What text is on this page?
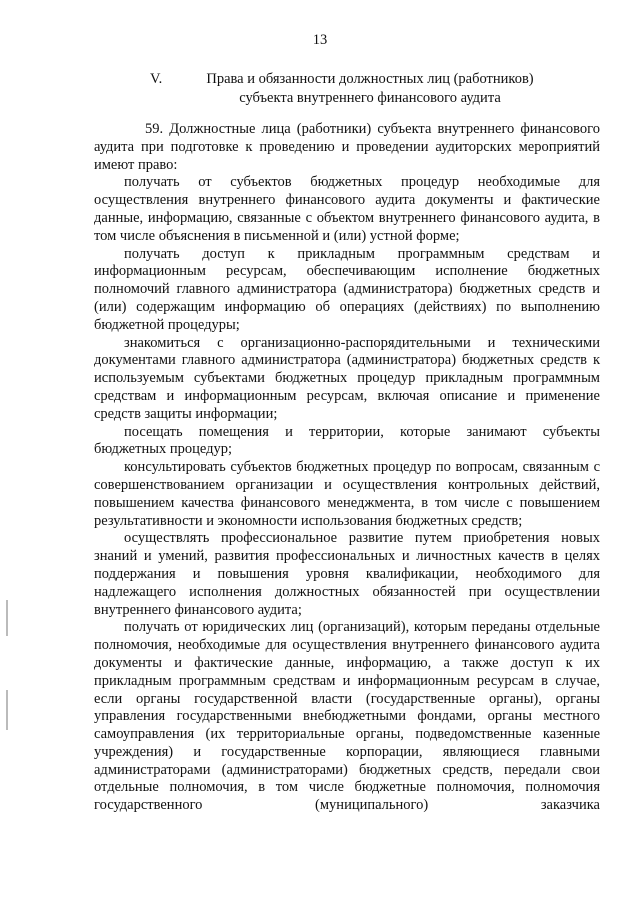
13
V.	Права и обязанности должностных лиц (работников)
субъекта внутреннего финансового аудита

59. Должностные лица (работники) субъекта внутреннего финансового аудита при подготовке к проведению и проведении аудиторских мероприятий имеют право:

получать от субъектов бюджетных процедур необходимые для осуществления внутреннего финансового аудита документы и фактические данные, информацию, связанные с объектом внутреннего финансового аудита, в том числе объяснения в письменной и (или) устной форме;

получать доступ к прикладным программным средствам и информационным ресурсам, обеспечивающим исполнение бюджетных полномочий главного администратора (администратора) бюджетных средств и (или) содержащим информацию об операциях (действиях) по выполнению бюджетной процедуры;

знакомиться с организационно-распорядительными и техническими документами главного администратора (администратора) бюджетных средств к используемым субъектами бюджетных процедур прикладным программным средствам и информационным ресурсам, включая описание и применение средств защиты информации;

посещать помещения и территории, которые занимают субъекты бюджетных процедур;

консультировать субъектов бюджетных процедур по вопросам, связанным с совершенствованием организации и осуществления контрольных действий, повышением качества финансового менеджмента, в том числе с повышением результативности и экономности использования бюджетных средств;

осуществлять профессиональное развитие путем приобретения новых знаний и умений, развития профессиональных и личностных качеств в целях поддержания и повышения уровня квалификации, необходимого для надлежащего исполнения должностных обязанностей при осуществлении внутреннего финансового аудита;

получать от юридических лиц (организаций), которым переданы отдельные полномочия, необходимые для осуществления внутреннего финансового аудита документы и фактические данные, информацию, а также доступ к их прикладным программным средствам и информационным ресурсам в случае, если органы государственной власти (государственные органы), органы управления государственными внебюджетными фондами, органы местного самоуправления (их территориальные органы, подведомственные казенные учреждения) и государственные корпорации, являющиеся главными администраторами (администраторами) бюджетных средств, передали свои отдельные полномочия, в том числе бюджетные полномочия, полномочия государственного (муниципального) заказчика
